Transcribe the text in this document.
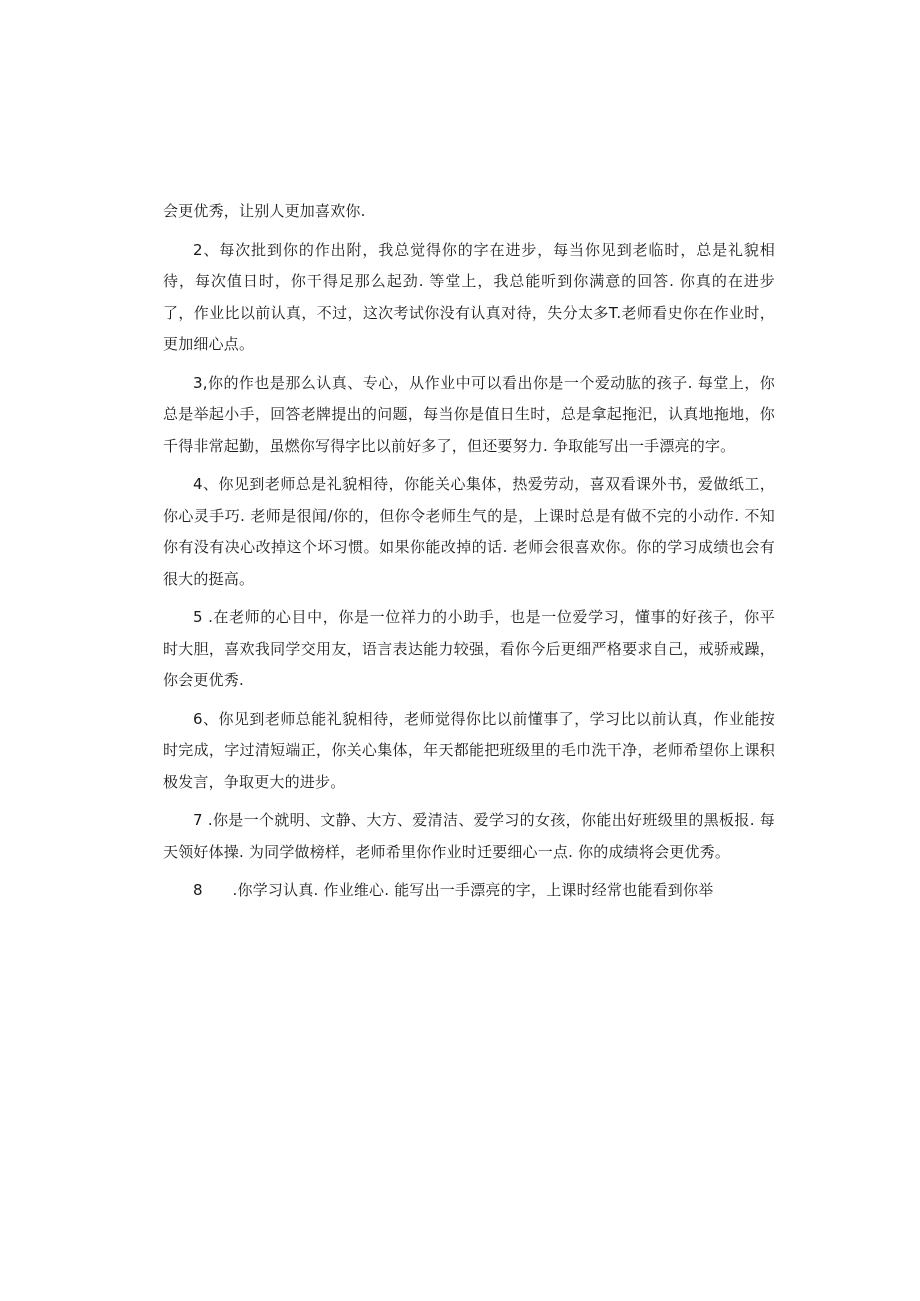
会更优秀，让别人更加喜欢你.

2、每次批到你的作出附，我总觉得你的字在进步，每当你见到老临时，总是礼貌相待，每次值日时，你干得足那么起劲. 等堂上，我总能听到你满意的回答. 你真的在进步了，作业比以前认真，不过，这次考试你没有认真对待，失分太多T.老师看史你在作业时，更加细心点。

3,你的作也是那么认真、专心，从作业中可以看出你是一个爱动肱的孩子. 每堂上，你总是举起小手，回答老牌提出的问题，每当你是值日生时，总是拿起拖汜，认真地拖地，你千得非常起勤，虽燃你写得字比以前好多了，但还要努力. 争取能写出一手漂亮的字。

4、你见到老师总是礼貌相待，你能关心集体，热爱劳动，喜双看课外书，爱做纸工，你心灵手巧. 老师是很闻/你的，但你令老师生气的是，上课时总是有做不完的小动作. 不知你有没有决心改掉这个坏习惯。如果你能改掉的话. 老师会很喜欢你。你的学习成绩也会有很大的挺高。

5 .在老师的心目中，你是一位祥力的小助手，也是一位爱学习，懂事的好孩子，你平时大胆，喜欢我同学交用友，语言表达能力较强，看你今后更细严格要求自己，戒骄戒躁，你会更优秀.

6、你见到老师总能礼貌相待，老师觉得你比以前懂事了，学习比以前认真，作业能按时完成，字过清短端正，你关心集体，年天都能把班级里的毛巾洗干净，老师希望你上课积极发言，争取更大的进步。

7 .你是一个就明、文静、大方、爱清洁、爱学习的女孩，你能出好班级里的黑板报. 每天领好体操. 为同学做榜样，老师希里你作业时迁要细心一点. 你的成绩将会更优秀。

8      .你学习认真. 作业维心. 能写出一手漂亮的字，上课时经常也能看到你举
